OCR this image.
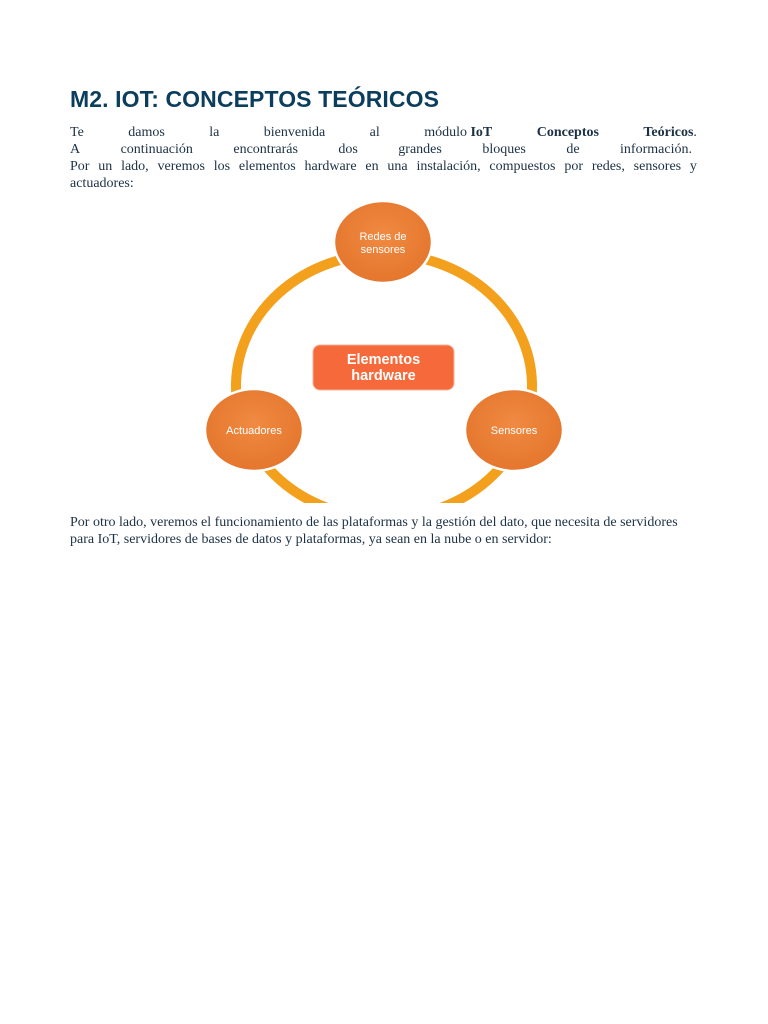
M2. IOT: CONCEPTOS TEÓRICOS
Te	damos	la	bienvenida	al	módulo IoT	Conceptos	Teóricos.
A	continuación	encontrarás	dos	grandes	bloques	de	información.
Por un lado, veremos los elementos hardware en una instalación, compuestos por redes, sensores y
actuadores:
Elementos
hardware
Redes de
sensores
Actuadores	Sensores
Por otro lado, veremos el funcionamiento de las plataformas y la gestión del dato, que necesita de servidores
para IoT, servidores de bases de datos y plataformas, ya sean en la nube o en servidor:
